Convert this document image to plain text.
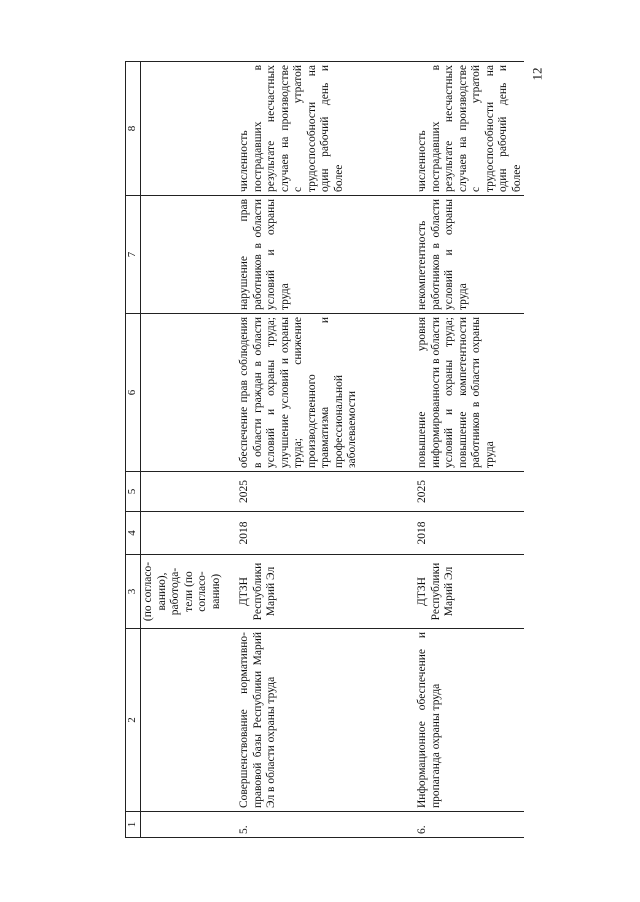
12
1	2	3	4	5	6	7	8
		(по согласо-ванию), работода-тели (по согласо-ванию)					
5.	Совершенствование нормативно-правовой базы Республики Марий Эл в области охраны труда	ДТЗН Республики Марий Эл	2018	2025	обеспечение прав соблюдения в области граждан в области условий и охраны труда; улучшение условий и охраны труда; снижение производственного травматизма и профессиональной заболеваемости	нарушение прав работников в области условий и охраны труда	численность пострадавших в результате несчастных случаев на производстве с утратой трудоспособности на один рабочий день и более
6.	Информационное обеспечение и пропаганда охраны труда	ДТЗН Республики Марий Эл	2018	2025	повышение уровня информированности в области условий и охраны труда; повышение компетентности работников в области охраны труда	некомпетентность работников в области условий и охраны труда	численность пострадавших в результате несчастных случаев на производстве с утратой трудоспособности на один рабочий день и более
